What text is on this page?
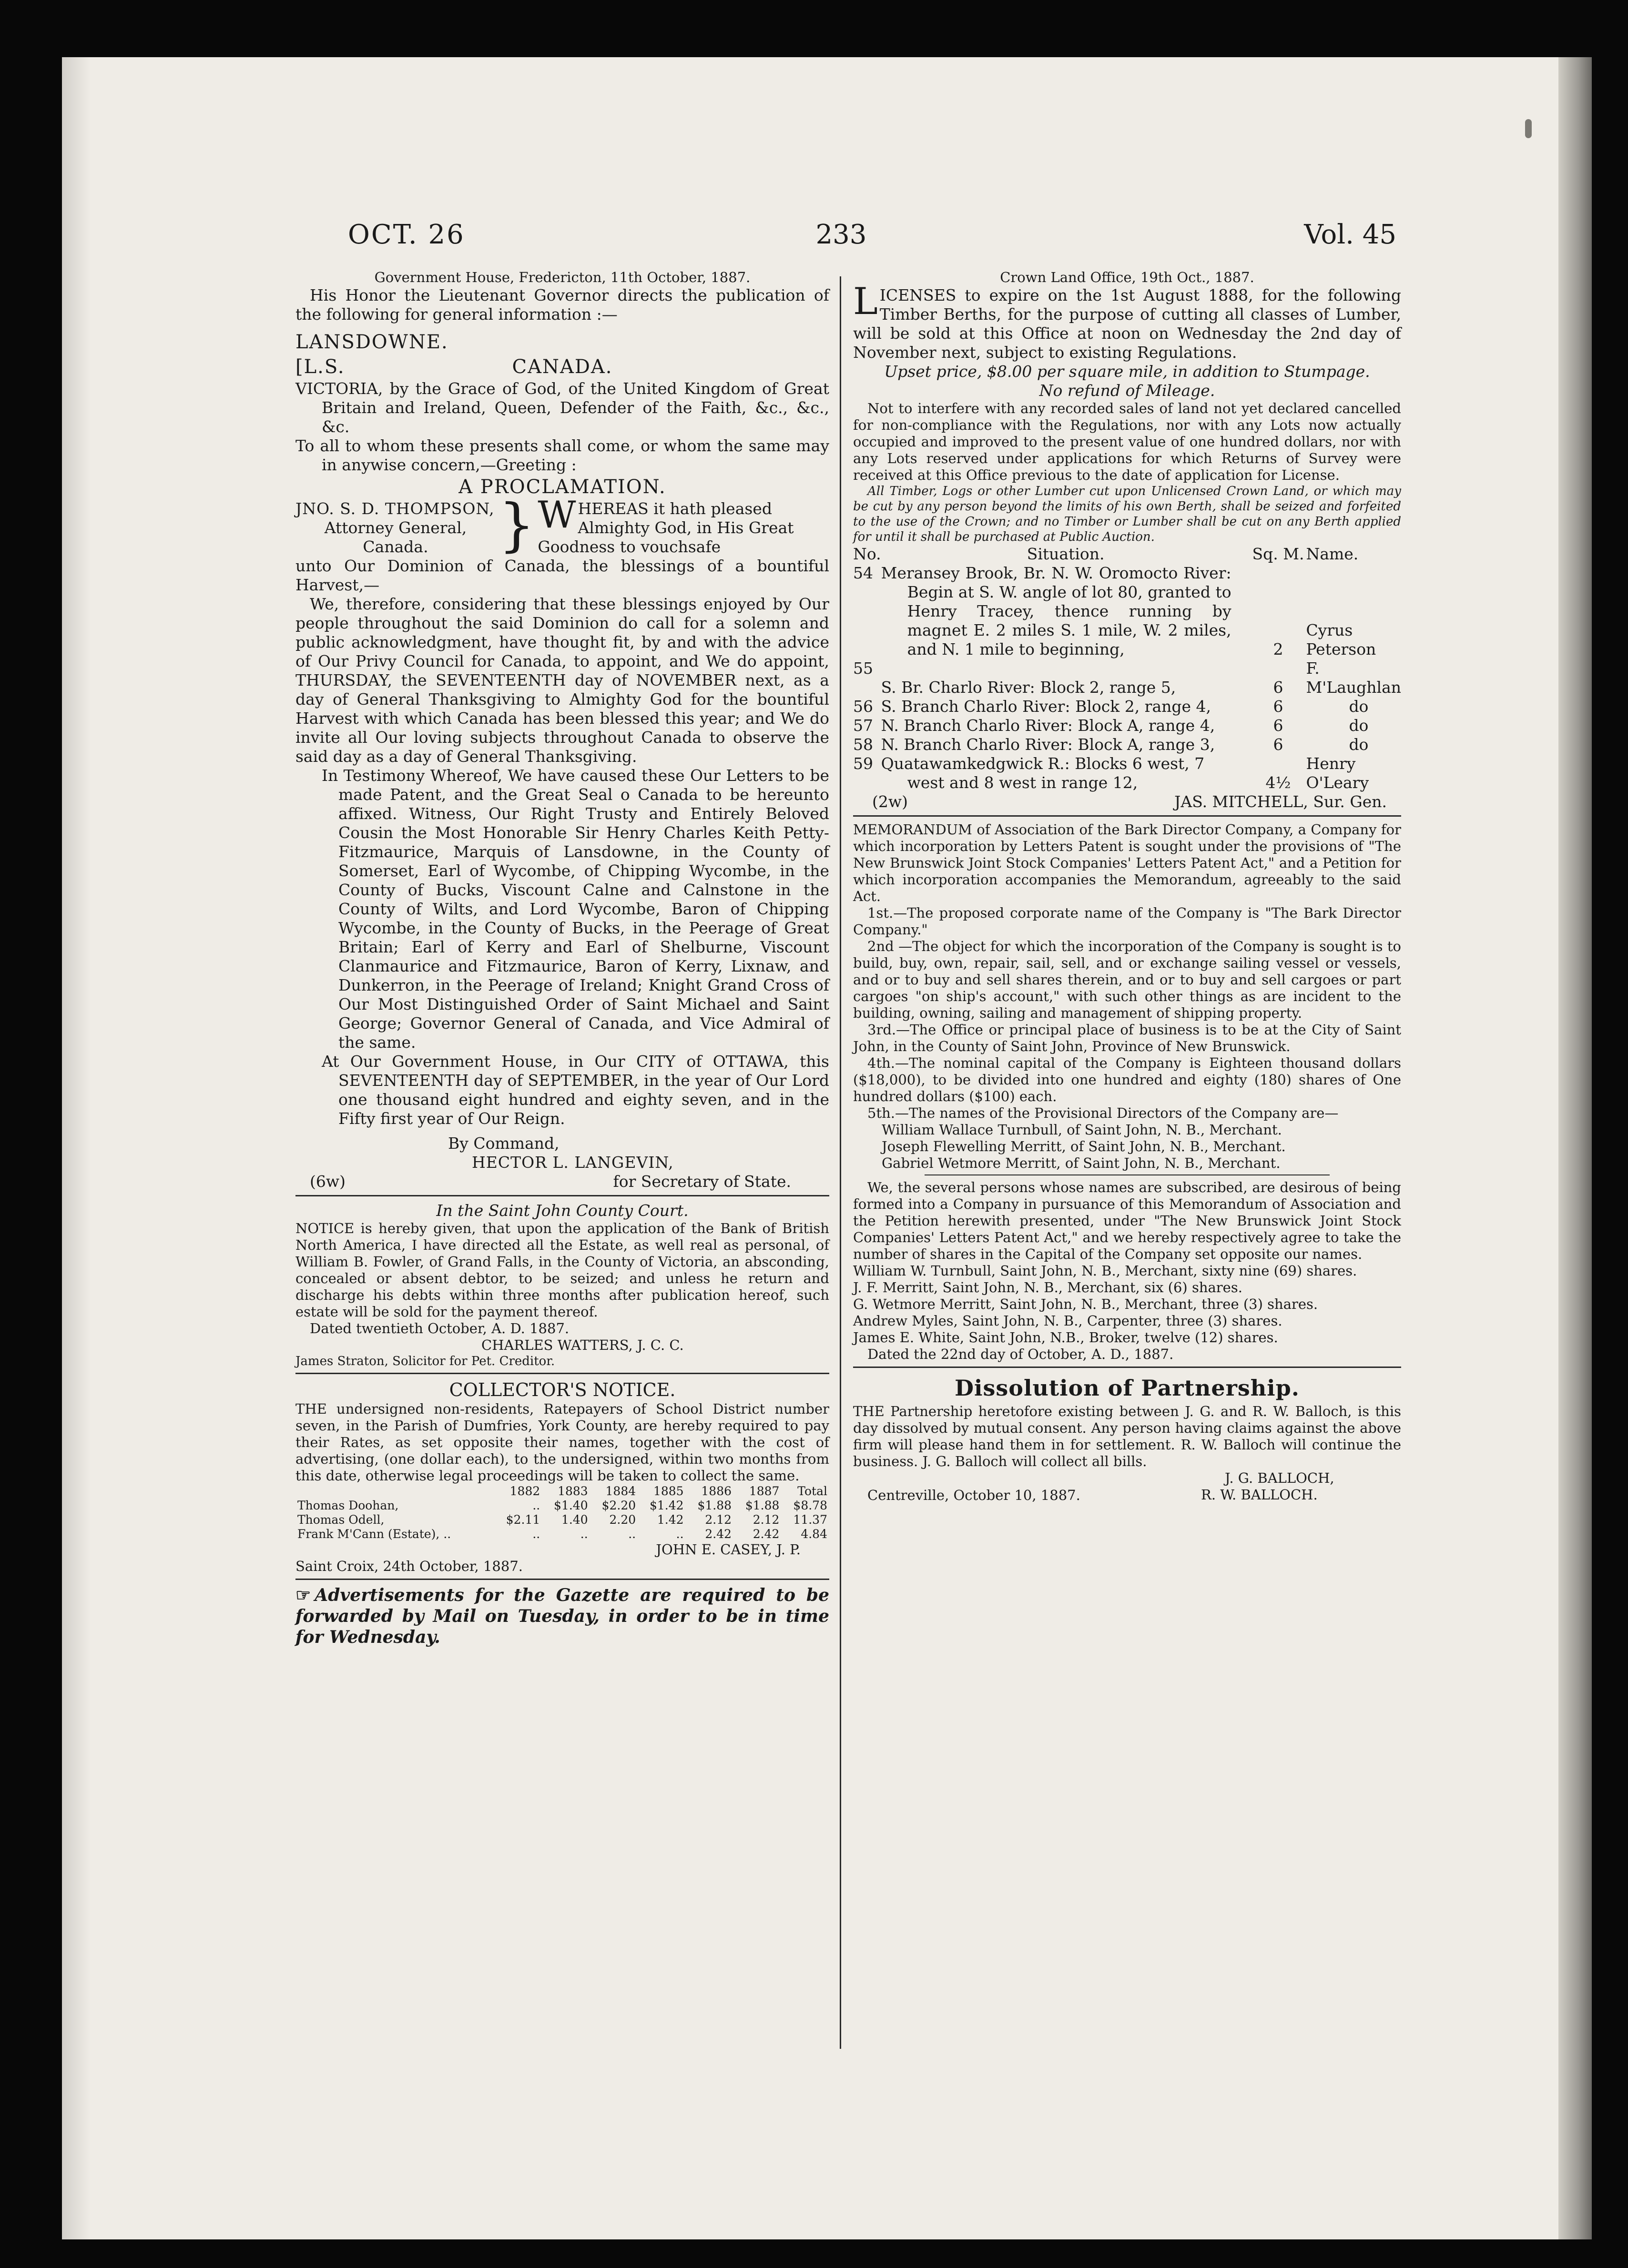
OCT. 26	233	Vol. 45

Government House, Fredericton, 11th October, 1887.

His Honor the Lieutenant Governor directs the publication of the following for general information :—

LANSDOWNE.

[L.S.	CANADA.

VICTORIA, by the Grace of God, of the United Kingdom of Great Britain and Ireland, Queen, Defender of the Faith, &c., &c., &c.

To all to whom these presents shall come, or whom the same may in anywise concern,—Greeting :

A PROCLAMATION.

JNO. S. D. THOMPSON,

Attorney General,

Canada.	} W HEREAS it hath pleased Almighty God, in His Great Goodness to vouchsafe

unto Our Dominion of Canada, the blessings of a bountiful Harvest,—

We, therefore, considering that these blessings enjoyed by Our people throughout the said Dominion do call for a solemn and public acknowledgment, have thought fit, by and with the advice of Our Privy Council for Canada, to appoint, and We do appoint, THURSDAY, the SEVENTEENTH day of NOVEMBER next, as a day of General Thanksgiving to Almighty God for the bountiful Harvest with which Canada has been blessed this year; and We do invite all Our loving subjects throughout Canada to observe the said day as a day of General Thanksgiving.

In Testimony Whereof, We have caused these Our Letters to be made Patent, and the Great Seal o Canada to be hereunto affixed. Witness, Our Right Trusty and Entirely Beloved Cousin the Most Honorable Sir Henry Charles Keith Petty-Fitzmaurice, Marquis of Lansdowne, in the County of Somerset, Earl of Wycombe, of Chipping Wycombe, in the County of Bucks, Viscount Calne and Calnstone in the County of Wilts, and Lord Wycombe, Baron of Chipping Wycombe, in the County of Bucks, in the Peerage of Great Britain; Earl of Kerry and Earl of Shelburne, Viscount Clanmaurice and Fitzmaurice, Baron of Kerry, Lixnaw, and Dunkerron, in the Peerage of Ireland; Knight Grand Cross of Our Most Distinguished Order of Saint Michael and Saint George; Governor General of Canada, and Vice Admiral of the same.

At Our Government House, in Our CITY of OTTAWA, this SEVENTEENTH day of SEPTEMBER, in the year of Our Lord one thousand eight hundred and eighty seven, and in the Fifty first year of Our Reign.

By Command,

HECTOR L. LANGEVIN,

(6w)	for Secretary of State.

In the Saint John County Court.

NOTICE is hereby given, that upon the application of the Bank of British North America, I have directed all the Estate, as well real as personal, of William B. Fowler, of Grand Falls, in the County of Victoria, an absconding, concealed or absent debtor, to be seized; and unless he return and discharge his debts within three months after publication hereof, such estate will be sold for the payment thereof.

Dated twentieth October, A. D. 1887.

CHARLES WATTERS, J. C. C.

James Straton, Solicitor for Pet. Creditor.

COLLECTOR'S NOTICE.

THE undersigned non-residents, Ratepayers of School District number seven, in the Parish of Dumfries, York County, are hereby required to pay their Rates, as set opposite their names, together with the cost of advertising, (one dollar each), to the undersigned, within two months from this date, otherwise legal proceedings will be taken to collect the same.

	1882	1883	1884	1885	1886	1887	Total
Thomas Doohan,	..	$1.40	$2.20	$1.42	$1.88	$1.88	$8.78
Thomas Odell,	$2.11	1.40	2.20	1.42	2.12	2.12	11.37
Frank M'Cann (Estate), ..	..	..	..	..	2.42	2.42	4.84

JOHN E. CASEY, J. P.

Saint Croix, 24th October, 1887.

☞ Advertisements for the Gazette are required to be forwarded by Mail on Tuesday, in order to be in time for Wednesday.

Crown Land Office, 19th Oct., 1887.

LICENSES to expire on the 1st August 1888, for the following Timber Berths, for the purpose of cutting all classes of Lumber, will be sold at this Office at noon on Wednesday the 2nd day of November next, subject to existing Regulations.

Upset price, $8.00 per square mile, in addition to Stumpage.

No refund of Mileage.

Not to interfere with any recorded sales of land not yet declared cancelled for non-compliance with the Regulations, nor with any Lots now actually occupied and improved to the present value of one hundred dollars, nor with any Lots reserved under applications for which Returns of Survey were received at this Office previous to the date of application for License.

All Timber, Logs or other Lumber cut upon Unlicensed Crown Land, or which may be cut by any person beyond the limits of his own Berth, shall be seized and forfeited to the use of the Crown; and no Timber or Lumber shall be cut on any Berth applied for until it shall be purchased at Public Auction.

No.	Situation.	Sq. M.	Name.
54	Meransey Brook, Br. N. W. Oromocto River: Begin at S. W. angle of lot 80, granted to Henry Tracey, thence running by magnet E. 2 miles S. 1 mile, W. 2 miles, and N. 1 mile to beginning,	2	Cyrus Peterson
55	S. Br. Charlo River: Block 2, range 5,	6	F. M'Laughlan
56	S. Branch Charlo River: Block 2, range 4,	6	do
57	N. Branch Charlo River: Block A, range 4,	6	do
58	N. Branch Charlo River: Block A, range 3,	6	do
59	Quatawamkedgwick R.: Blocks 6 west, 7 west and 8 west in range 12,	4½	Henry O'Leary
(2w)	JAS. MITCHELL, Sur. Gen.

MEMORANDUM of Association of the Bark Director Company, a Company for which incorporation by Letters Patent is sought under the provisions of "The New Brunswick Joint Stock Companies' Letters Patent Act," and a Petition for which incorporation accompanies the Memorandum, agreeably to the said Act.

1st.—The proposed corporate name of the Company is "The Bark Director Company."

2nd —The object for which the incorporation of the Company is sought is to build, buy, own, repair, sail, sell, and or exchange sailing vessel or vessels, and or to buy and sell shares therein, and or to buy and sell cargoes or part cargoes "on ship's account," with such other things as are incident to the building, owning, sailing and management of shipping property.

3rd.—The Office or principal place of business is to be at the City of Saint John, in the County of Saint John, Province of New Brunswick.

4th.—The nominal capital of the Company is Eighteen thousand dollars ($18,000), to be divided into one hundred and eighty (180) shares of One hundred dollars ($100) each.

5th.—The names of the Provisional Directors of the Company are—

William Wallace Turnbull, of Saint John, N. B., Merchant.

Joseph Flewelling Merritt, of Saint John, N. B., Merchant.

Gabriel Wetmore Merritt, of Saint John, N. B., Merchant.

We, the several persons whose names are subscribed, are desirous of being formed into a Company in pursuance of this Memorandum of Association and the Petition herewith presented, under "The New Brunswick Joint Stock Companies' Letters Patent Act," and we hereby respectively agree to take the number of shares in the Capital of the Company set opposite our names.

William W. Turnbull, Saint John, N. B., Merchant, sixty nine (69) shares.

J. F. Merritt, Saint John, N. B., Merchant, six (6) shares.

G. Wetmore Merritt, Saint John, N. B., Merchant, three (3) shares.

Andrew Myles, Saint John, N. B., Carpenter, three (3) shares.

James E. White, Saint John, N.B., Broker, twelve (12) shares.

Dated the 22nd day of October, A. D., 1887.

Dissolution of Partnership.

THE Partnership heretofore existing between J. G. and R. W. Balloch, is this day dissolved by mutual consent. Any person having claims against the above firm will please hand them in for settlement. R. W. Balloch will continue the business. J. G. Balloch will collect all bills.

J. G. BALLOCH,

R. W. BALLOCH.

Centreville, October 10, 1887.
